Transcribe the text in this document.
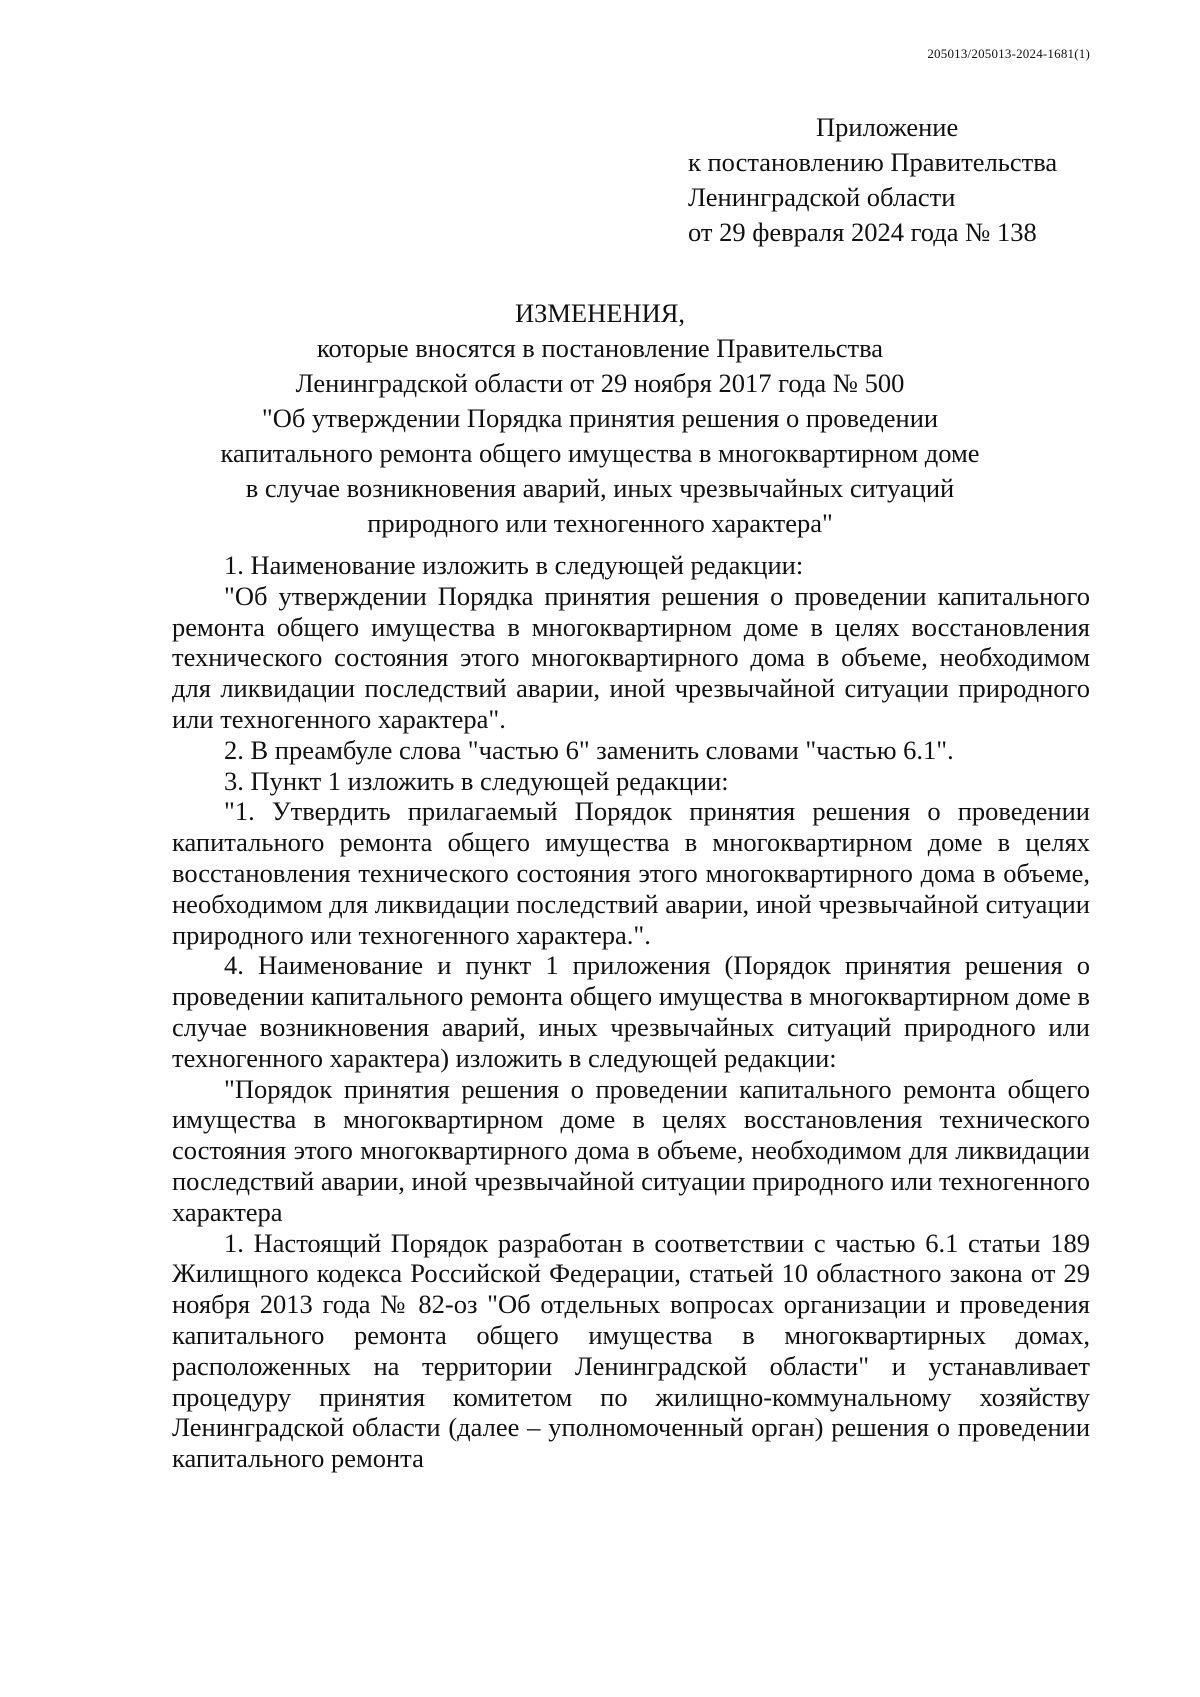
205013/205013-2024-1681(1)
Приложение
к постановлению Правительства
Ленинградской области
от 29 февраля 2024 года № 138
ИЗМЕНЕНИЯ,
которые вносятся в постановление Правительства
Ленинградской области от 29 ноября 2017 года № 500
"Об утверждении Порядка принятия решения о проведении
капитального ремонта общего имущества в многоквартирном доме
в случае возникновения аварий, иных чрезвычайных ситуаций
природного или техногенного характера"

1. Наименование изложить в следующей редакции:

"Об утверждении Порядка принятия решения о проведении капитального ремонта общего имущества в многоквартирном доме в целях восстановления технического состояния этого многоквартирного дома в объеме, необходимом для ликвидации последствий аварии, иной чрезвычайной ситуации природного или техногенного характера".

2. В преамбуле слова "частью 6" заменить словами "частью 6.1".

3. Пункт 1 изложить в следующей редакции:

"1. Утвердить прилагаемый Порядок принятия решения о проведении капитального ремонта общего имущества в многоквартирном доме в целях восстановления технического состояния этого многоквартирного дома в объеме, необходимом для ликвидации последствий аварии, иной чрезвычайной ситуации природного или техногенного характера.".

4. Наименование и пункт 1 приложения (Порядок принятия решения о проведении капитального ремонта общего имущества в многоквартирном доме в случае возникновения аварий, иных чрезвычайных ситуаций природного или техногенного характера) изложить в следующей редакции:

"Порядок принятия решения о проведении капитального ремонта общего имущества в многоквартирном доме в целях восстановления технического состояния этого многоквартирного дома в объеме, необходимом для ликвидации последствий аварии, иной чрезвычайной ситуации природного или техногенного характера

1. Настоящий Порядок разработан в соответствии с частью 6.1 статьи 189 Жилищного кодекса Российской Федерации, статьей 10 областного закона от 29 ноября 2013 года № 82-оз "Об отдельных вопросах организации и проведения капитального ремонта общего имущества в многоквартирных домах, расположенных на территории Ленинградской области" и устанавливает процедуру принятия комитетом по жилищно-коммунальному хозяйству Ленинградской области (далее – уполномоченный орган) решения о проведении капитального ремонта
